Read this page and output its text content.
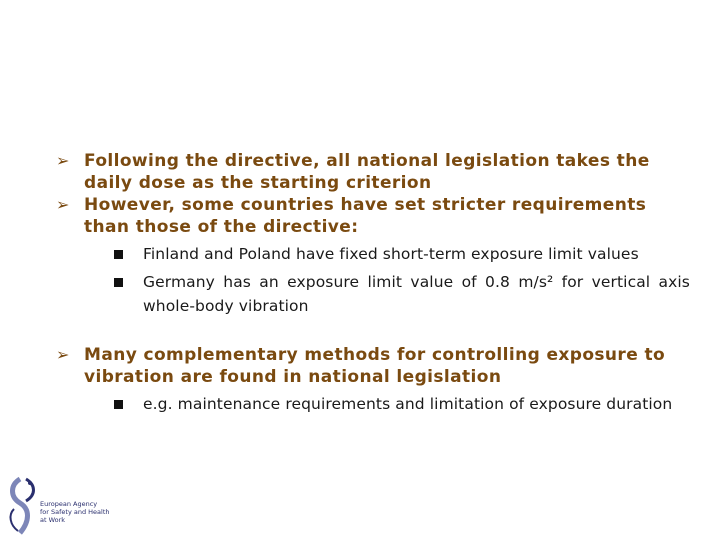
➢ Following the directive, all national legislation takes the daily dose as the starting criterion
➢ However, some countries have set stricter requirements than those of the directive:
Finland and Poland have fixed short-term exposure limit values
Germany has an exposure limit value of 0.8 m/s² for vertical axis whole-body vibration
➢ Many complementary methods for controlling exposure to vibration are found in national legislation
e.g. maintenance requirements and limitation of exposure duration
European Agency
for Safety and Health
at Work
